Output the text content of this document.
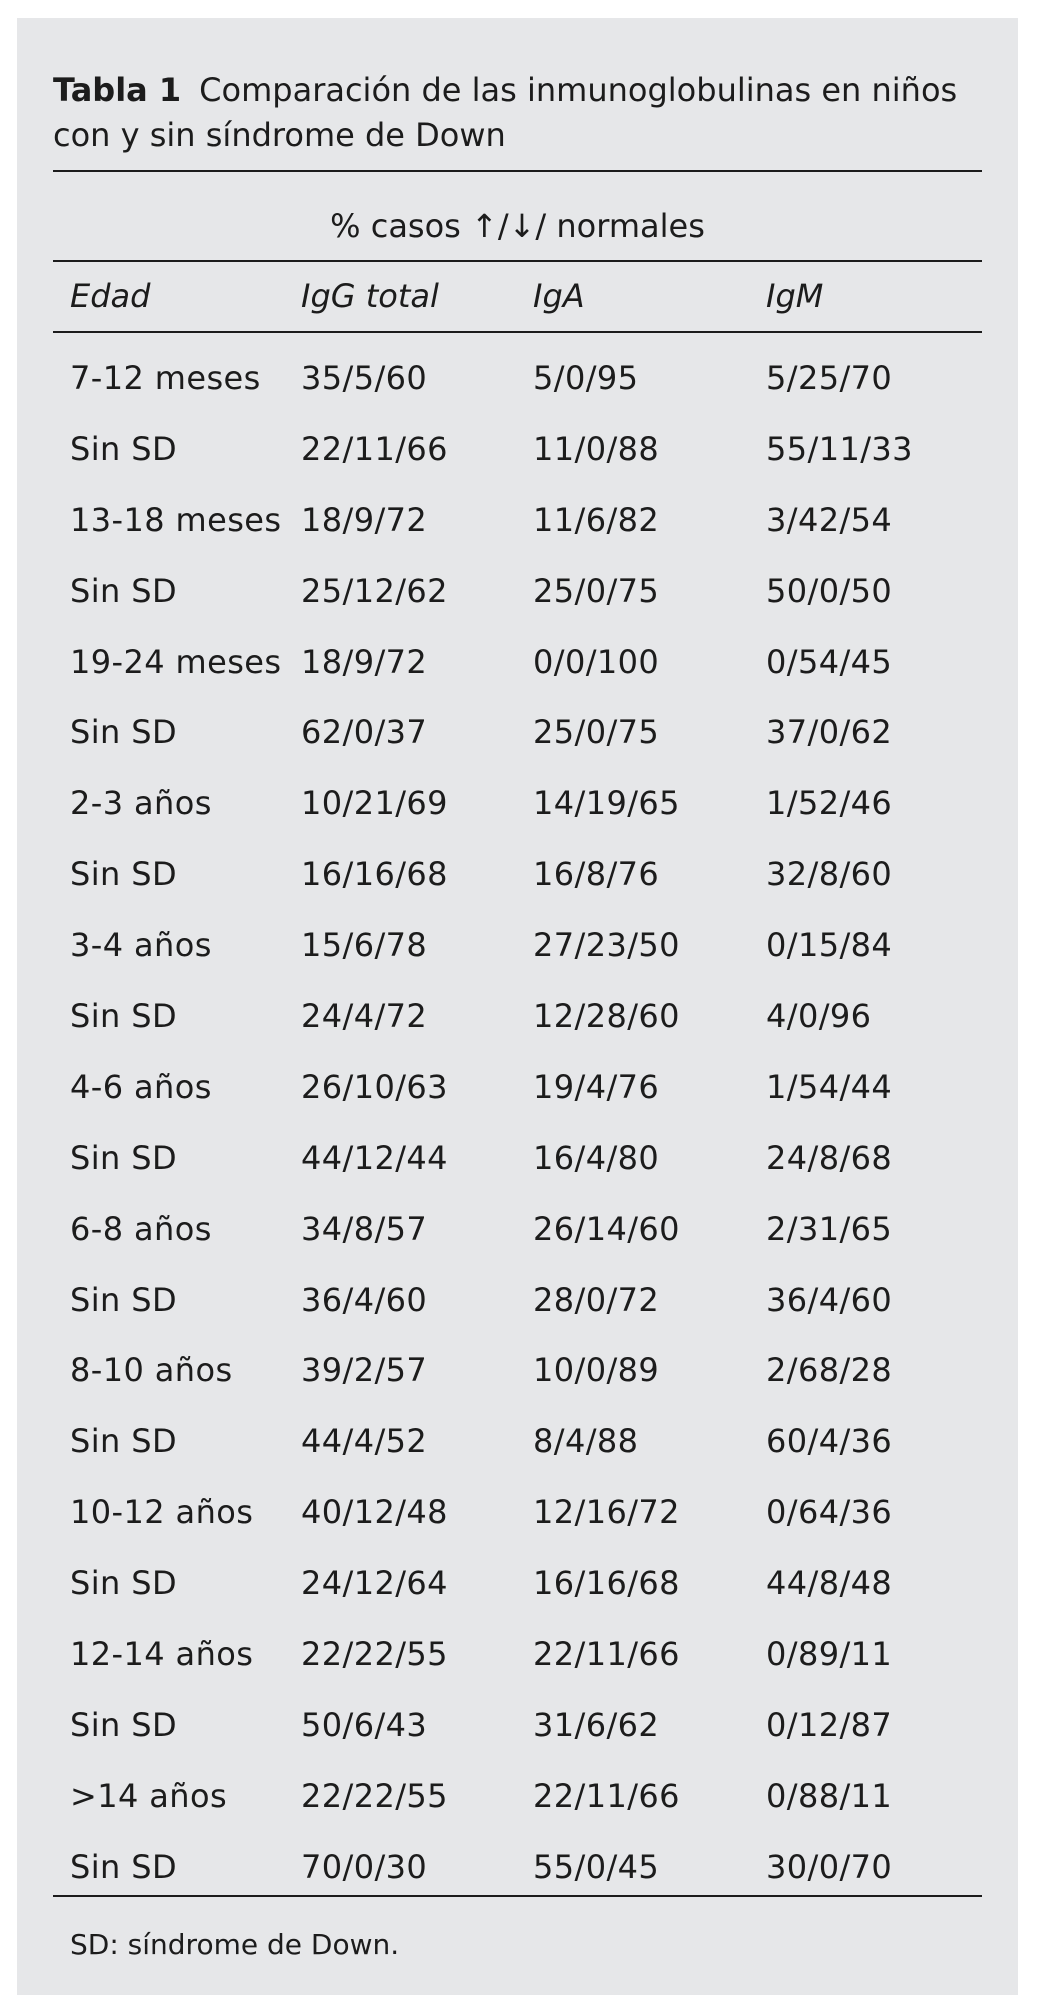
Tabla 1 Comparación de las inmunoglobulinas en niños con y sin síndrome de Down
% casos ↑/↓/ normales
Edad	IgG total	IgA	IgM
7-12 meses 35/5/60	5/0/95	5/25/70
Sin SD	22/11/66	11/0/88	55/11/33
13-18 meses 18/9/72	11/6/82	3/42/54
Sin SD	25/12/62	25/0/75	50/0/50
19-24 meses 18/9/72	0/0/100	0/54/45
Sin SD	62/0/37	25/0/75	37/0/62
2-3 años	10/21/69	14/19/65	1/52/46
Sin SD	16/16/68	16/8/76	32/8/60
3-4 años	15/6/78	27/23/50	0/15/84
Sin SD	24/4/72	12/28/60	4/0/96
4-6 años	26/10/63	19/4/76	1/54/44
Sin SD	44/12/44	16/4/80	24/8/68
6-8 años	34/8/57	26/14/60	2/31/65
Sin SD	36/4/60	28/0/72	36/4/60
8-10 años 39/2/57	10/0/89	2/68/28
Sin SD	44/4/52	8/4/88	60/4/36
10-12 años 40/12/48	12/16/72	0/64/36
Sin SD	24/12/64	16/16/68	44/8/48
12-14 años 22/22/55	22/11/66	0/89/11
Sin SD	50/6/43	31/6/62	0/12/87
>14 años 22/22/55	22/11/66	0/88/11
Sin SD	70/0/30	55/0/45	30/0/70
SD: síndrome de Down.
